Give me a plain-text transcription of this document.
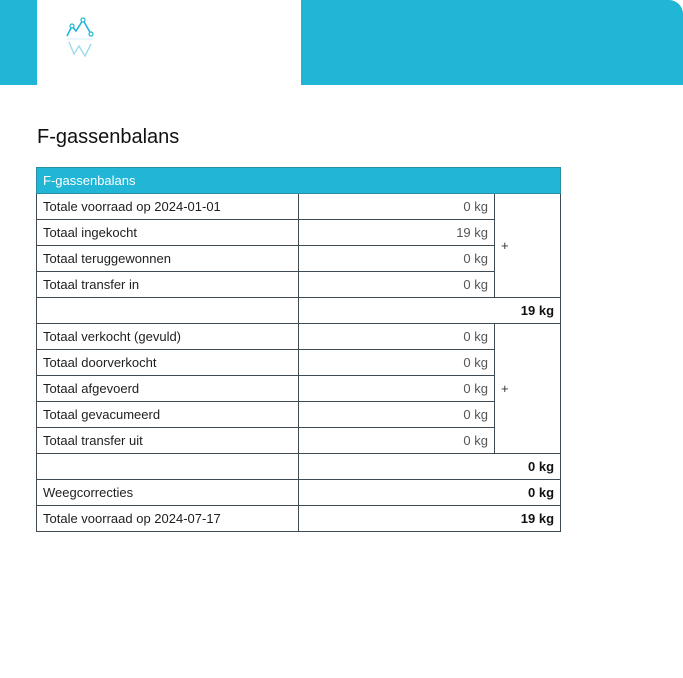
F-gassenbalans
F-gassenbalans		
Totale voorraad op 2024-01-01	0 kg	+
Totaal ingekocht	19 kg	
Totaal teruggewonnen	0 kg	
Totaal transfer in	0 kg	
	19 kg	
Totaal verkocht (gevuld)	0 kg	+
Totaal doorverkocht	0 kg	
Totaal afgevoerd	0 kg	
Totaal gevacumeerd	0 kg	
Totaal transfer uit	0 kg	
	0 kg	
Weegcorrecties	0 kg	
Totale voorraad op 2024-07-17	19 kg	
